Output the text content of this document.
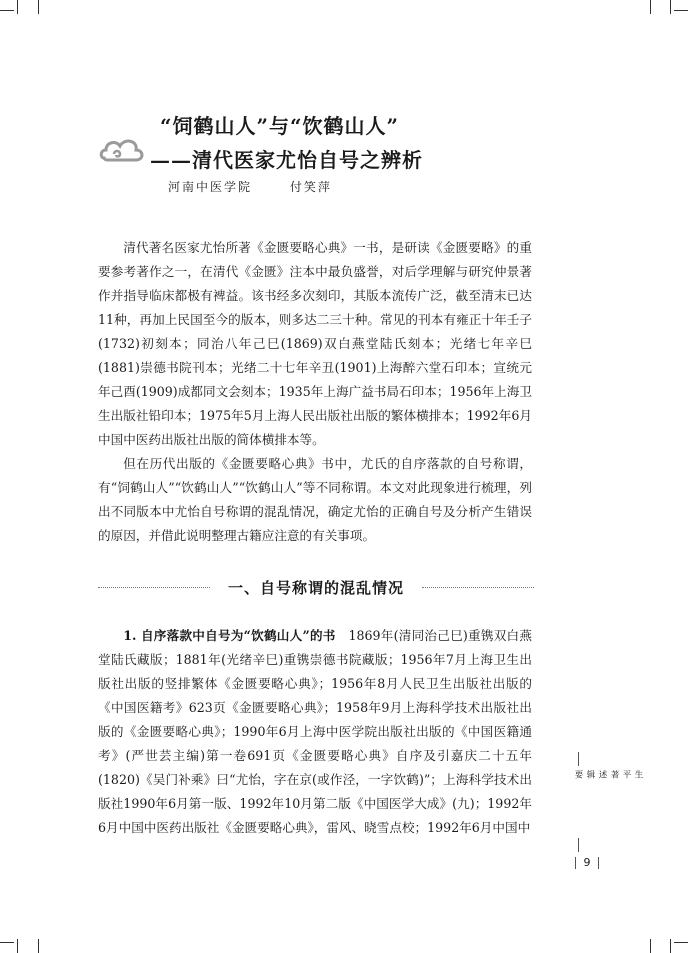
“饲鹤山人”与“饮鹤山人”
——清代医家尤怡自号之辨析
河南中医学院	付笑萍

清代著名医家尤怡所著《金匮要略心典》一书，是研读《金匮要略》的重要参考著作之一，在清代《金匮》注本中最负盛誉，对后学理解与研究仲景著作并指导临床都极有裨益。该书经多次刻印，其版本流传广泛，截至清末已达11种，再加上民国至今的版本，则多达二三十种。常见的刊本有雍正十年壬子(1732)初刻本；同治八年己巳(1869)双白燕堂陆氏刻本；光绪七年辛巳(1881)崇德书院刊本；光绪二十七年辛丑(1901)上海醉六堂石印本；宣统元年己酉(1909)成都同文会刻本；1935年上海广益书局石印本；1956年上海卫生出版社铅印本；1975年5月上海人民出版社出版的繁体横排本；1992年6月中国中医药出版社出版的简体横排本等。

但在历代出版的《金匮要略心典》书中，尤氏的自序落款的自号称谓，有“饲鹤山人”“饮鹤山人”“饮鹤山人”等不同称谓。本文对此现象进行梳理，列出不同版本中尤怡自号称谓的混乱情况，确定尤怡的正确自号及分析产生错误的原因，并借此说明整理古籍应注意的有关事项。

一、自号称谓的混乱情况

1. 自序落款中自号为“饮鹤山人”的书　 1869年(清同治己巳)重镌双白燕堂陆氏藏版；1881年(光绪辛巳)重镌崇德书院藏版；1956年7月上海卫生出版社出版的竖排繁体《金匮要略心典》；1956年8月人民卫生出版社出版的《中国医籍考》623页《金匮要略心典》；1958年9月上海科学技术出版社出版的《金匮要略心典》；1990年6月上海中医学院出版社出版的《中国医籍通考》(严世芸主编)第一卷691页《金匮要略心典》自序及引嘉庆二十五年(1820)《吴门补乘》曰“尤怡，字在京(或作泾，一字饮鹤)”；上海科学技术出版社1990年6月第一版、1992年10月第二版《中国医学大成》(九)；1992年6月中国中医药出版社《金匮要略心典》，雷风、晓雪点校；1992年6月中国中

生平著述辑要
9
